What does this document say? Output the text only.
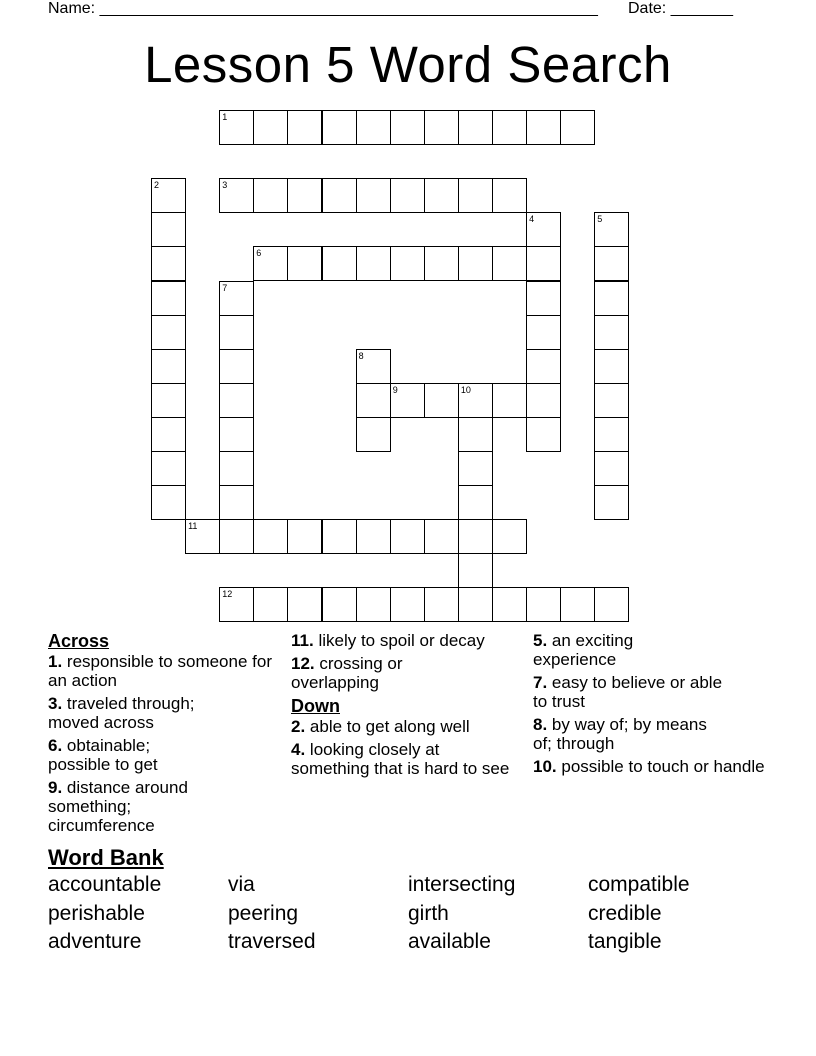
Name: ________________________________________________________ Date: _______
Lesson 5 Word Search
1
3
6
9	10
11
12
2
4	5
7
8
Across
1. responsible to someone for an action
3. traveled through; moved across
6. obtainable; possible to get
9. distance around something; circumference
11. likely to spoil or decay
12. crossing or overlapping
Down
2. able to get along well
4. looking closely at something that is hard to see
5. an exciting experience
7. easy to believe or able to trust
8. by way of; by means of; through
10. possible to touch or handle
Word Bank
accountable	via	intersecting	compatible
perishable	peering	girth	credible
adventure	traversed	available	tangible
